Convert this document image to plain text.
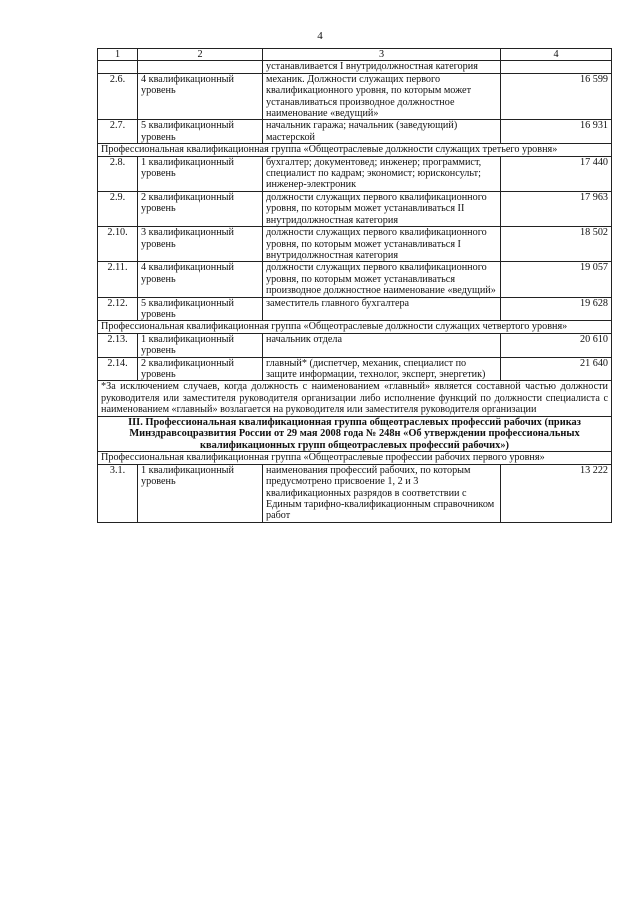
4
1	2	3	4
		устанавливается I внутридолжностная категория	
2.6.	4 квалификационный уровень	механик. Должности служащих первого квалификационного уровня, по которым может устанавливаться производное должностное наименование «ведущий»	16 599
2.7.	5 квалификационный уровень	начальник гаража; начальник (заведующий) мастерской	16 931
Профессиональная квалификационная группа «Общеотраслевые должности служащих третьего уровня»			
2.8.	1 квалификационный уровень	бухгалтер; документовед; инженер; программист, специалист по кадрам; экономист; юрисконсульт; инженер-электроник	17 440
2.9.	2 квалификационный уровень	должности служащих первого квалификационного уровня, по которым может устанавливаться II внутридолжностная категория	17 963
2.10.	3 квалификационный уровень	должности служащих первого квалификационного уровня, по которым может устанавливаться I внутридолжностная категория	18 502
2.11.	4 квалификационный уровень	должности служащих первого квалификационного уровня, по которым может устанавливаться производное должностное наименование «ведущий»	19 057
2.12.	5 квалификационный уровень	заместитель главного бухгалтера	19 628
Профессиональная квалификационная группа «Общеотраслевые должности служащих четвертого уровня»			
2.13.	1 квалификационный уровень	начальник отдела	20 610
2.14.	2 квалификационный уровень	главный* (диспетчер, механик, специалист по защите информации, технолог, эксперт, энергетик)	21 640
*За исключением случаев, когда должность с наименованием «главный» является составной частью должности руководителя или заместителя руководителя организации либо исполнение функций по должности специалиста с наименованием «главный» возлагается на руководителя или заместителя руководителя организации			
III. Профессиональная квалификационная группа общеотраслевых профессий рабочих (приказ Минздравсоцразвития России от 29 мая 2008 года № 248н «Об утверждении профессиональных квалификационных групп общеотраслевых профессий рабочих»)			
Профессиональная квалификационная группа «Общеотраслевые профессии рабочих первого уровня»			
3.1.	1 квалификационный уровень	наименования профессий рабочих, по которым предусмотрено присвоение 1, 2 и 3 квалификационных разрядов в соответствии с Единым тарифно-квалификационным справочником работ	13 222
